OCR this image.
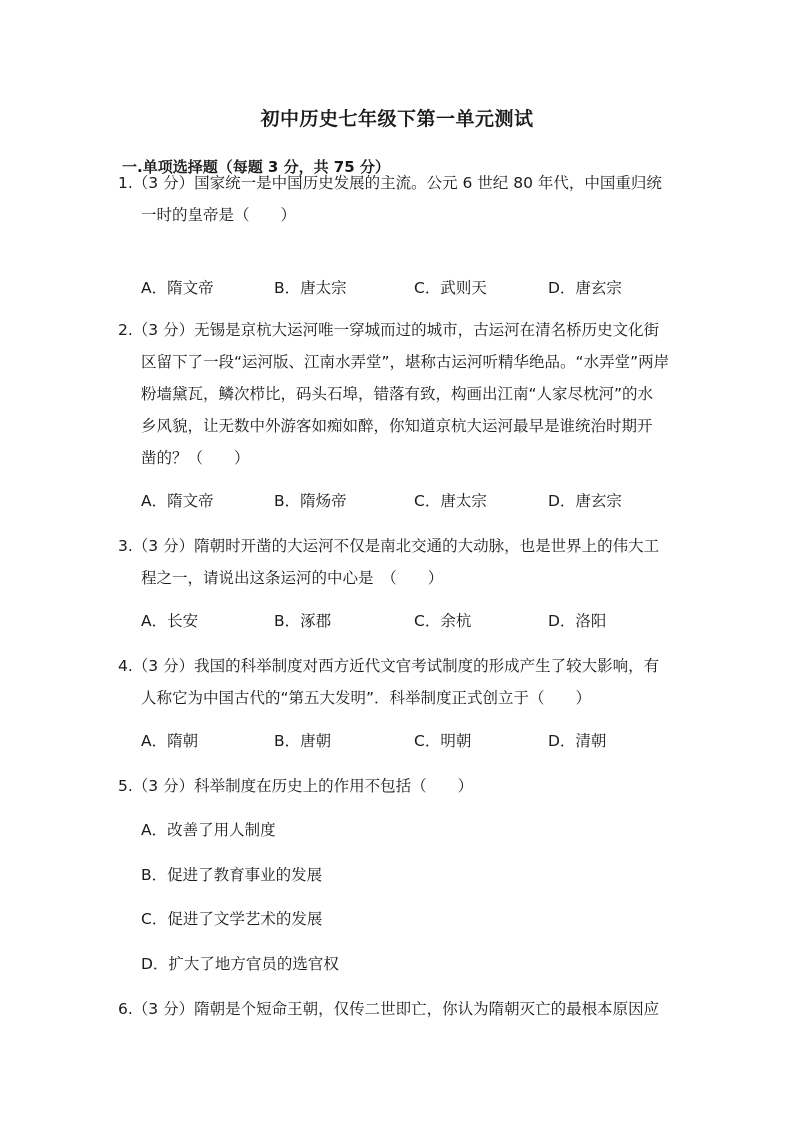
初中历史七年级下第一单元测试
一.单项选择题（每题 3 分，共 75 分）
1.（3 分）国家统一是中国历史发展的主流。公元 6 世纪 80 年代，中国重归统
一时的皇帝是（　　）
A．隋文帝	B．唐太宗	C．武则天	D．唐玄宗
2.（3 分）无锡是京杭大运河唯一穿城而过的城市，古运河在清名桥历史文化街
区留下了一段“运河版、江南水弄堂”，堪称古运河听精华绝品。“水弄堂”两岸
粉墙黛瓦，鳞次栉比，码头石埠，错落有致，构画出江南“人家尽枕河”的水
乡风貌，让无数中外游客如痴如醉，你知道京杭大运河最早是谁统治时期开
凿的？（　　）
A．隋文帝	B．隋炀帝	C．唐太宗	D．唐玄宗
3.（3 分）隋朝时开凿的大运河不仅是南北交通的大动脉，也是世界上的伟大工
程之一，请说出这条运河的中心是　（　　）
A．长安	B．涿郡	C．余杭	D．洛阳
4.（3 分）我国的科举制度对西方近代文官考试制度的形成产生了较大影响，有
人称它为中国古代的“第五大发明”．科举制度正式创立于（　　）
A．隋朝	B．唐朝	C．明朝	D．清朝
5.（3 分）科举制度在历史上的作用不包括（　　）
A．改善了用人制度
B．促进了教育事业的发展
C．促进了文学艺术的发展
D．扩大了地方官员的选官权
6.（3 分）隋朝是个短命王朝，仅传二世即亡，你认为隋朝灭亡的最根本原因应
